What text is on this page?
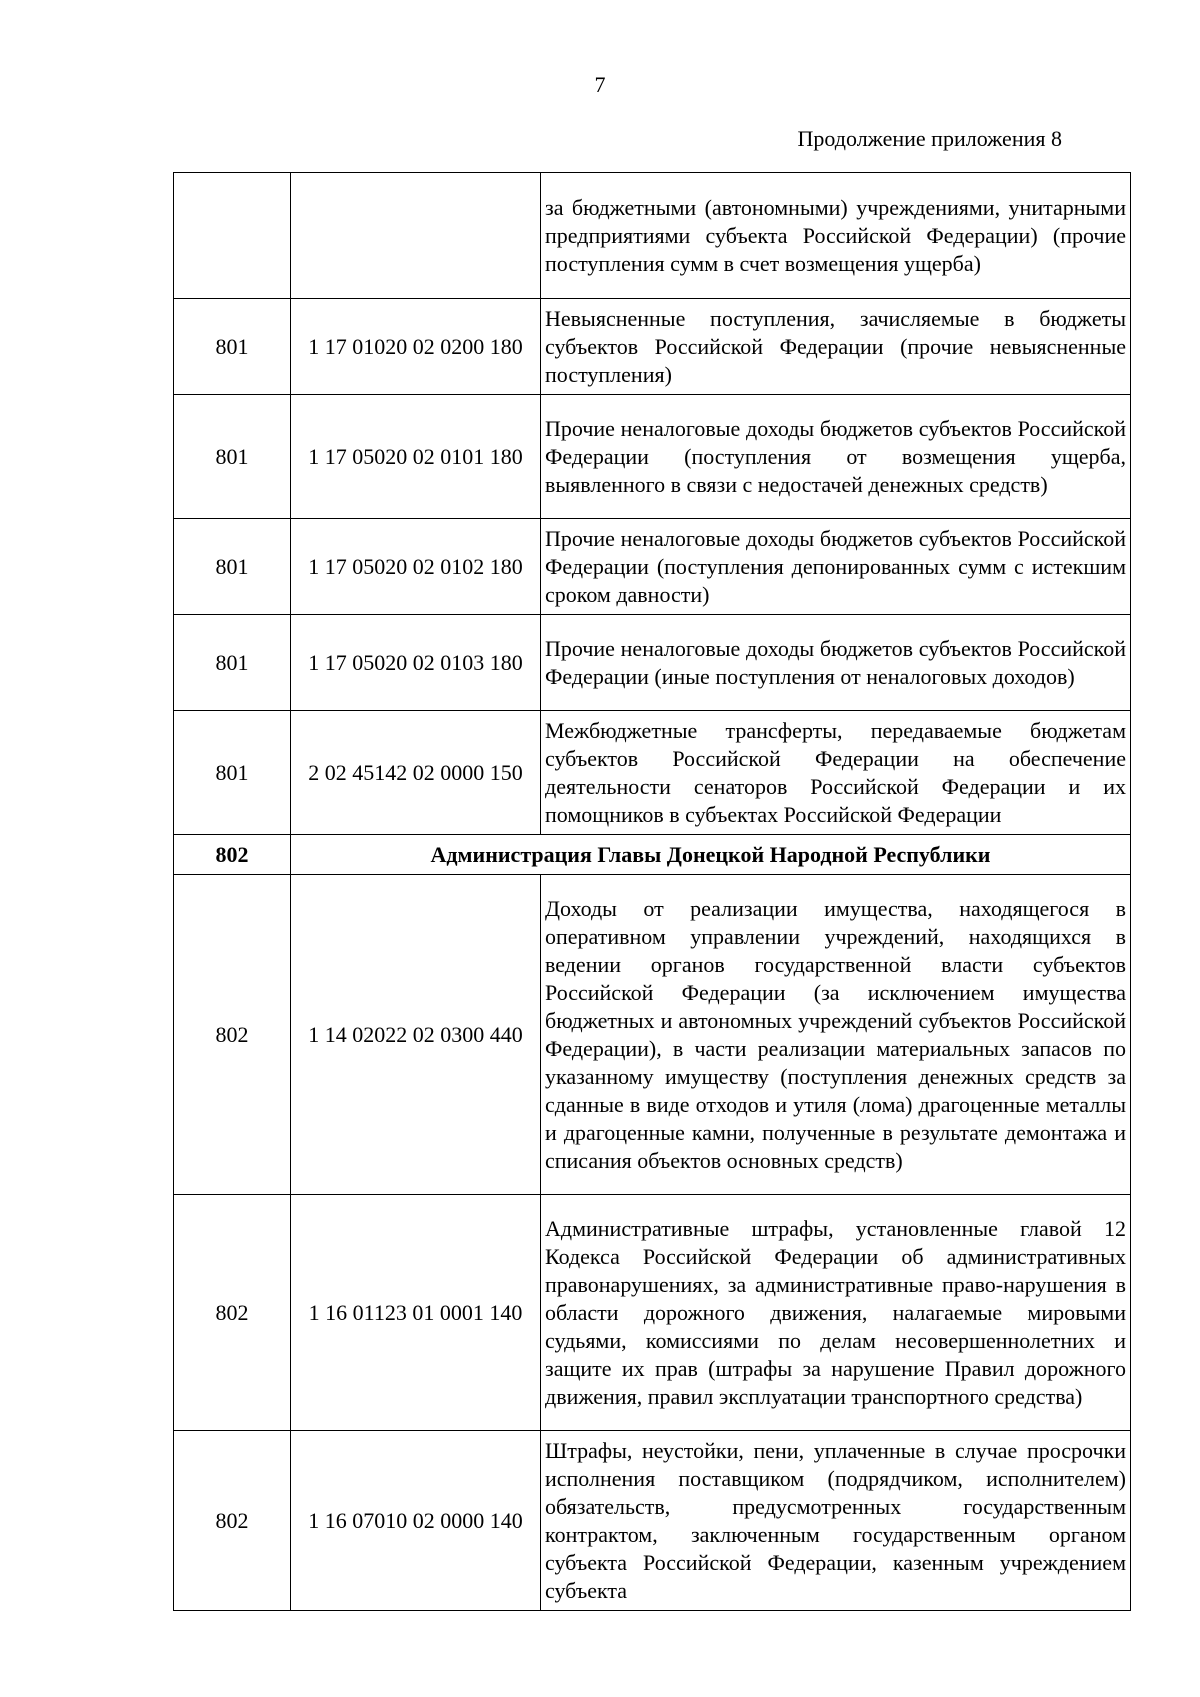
7
Продолжение приложения 8
		за бюджетными (автономными) учреждениями, унитарными предприятиями субъекта Российской Федерации) (прочие поступления сумм в счет возмещения ущерба)
801	1 17 01020 02 0200 180	Невыясненные поступления, зачисляемые в бюджеты субъектов Российской Федерации (прочие невыясненные поступления)
801	1 17 05020 02 0101 180	Прочие неналоговые доходы бюджетов субъектов Российской Федерации (поступления от возмещения ущерба, выявленного в связи с недостачей денежных средств)
801	1 17 05020 02 0102 180	Прочие неналоговые доходы бюджетов субъектов Российской Федерации (поступления депонированных сумм с истекшим сроком давности)
801	1 17 05020 02 0103 180	Прочие неналоговые доходы бюджетов субъектов Российской Федерации (иные поступления от неналоговых доходов)
801	2 02 45142 02 0000 150	Межбюджетные трансферты, передаваемые бюджетам субъектов Российской Федерации на обеспечение деятельности сенаторов Российской Федерации и их помощников в субъектах Российской Федерации
802	Администрация Главы Донецкой Народной Республики	
802	1 14 02022 02 0300 440	Доходы от реализации имущества, находящегося в оперативном управлении учреждений, находящихся в ведении органов государственной власти субъектов Российской Федерации (за исключением имущества бюджетных и автономных учреждений субъектов Российской Федерации), в части реализации материальных запасов по указанному имуществу (поступления денежных средств за сданные в виде отходов и утиля (лома) драгоценные металлы и драгоценные камни, полученные в результате демонтажа и списания объектов основных средств)
802	1 16 01123 01 0001 140	Административные штрафы, установленные главой 12 Кодекса Российской Федерации об административных правонарушениях, за административные право-нарушения в области дорожного движения, налагаемые мировыми судьями, комиссиями по делам несовершеннолетних и защите их прав (штрафы за нарушение Правил дорожного движения, правил эксплуатации транспортного средства)
802	1 16 07010 02 0000 140	Штрафы, неустойки, пени, уплаченные в случае просрочки исполнения поставщиком (подрядчиком, исполнителем) обязательств, предусмотренных государственным контрактом, заключенным государственным органом субъекта Российской Федерации, казенным учреждением субъекта
